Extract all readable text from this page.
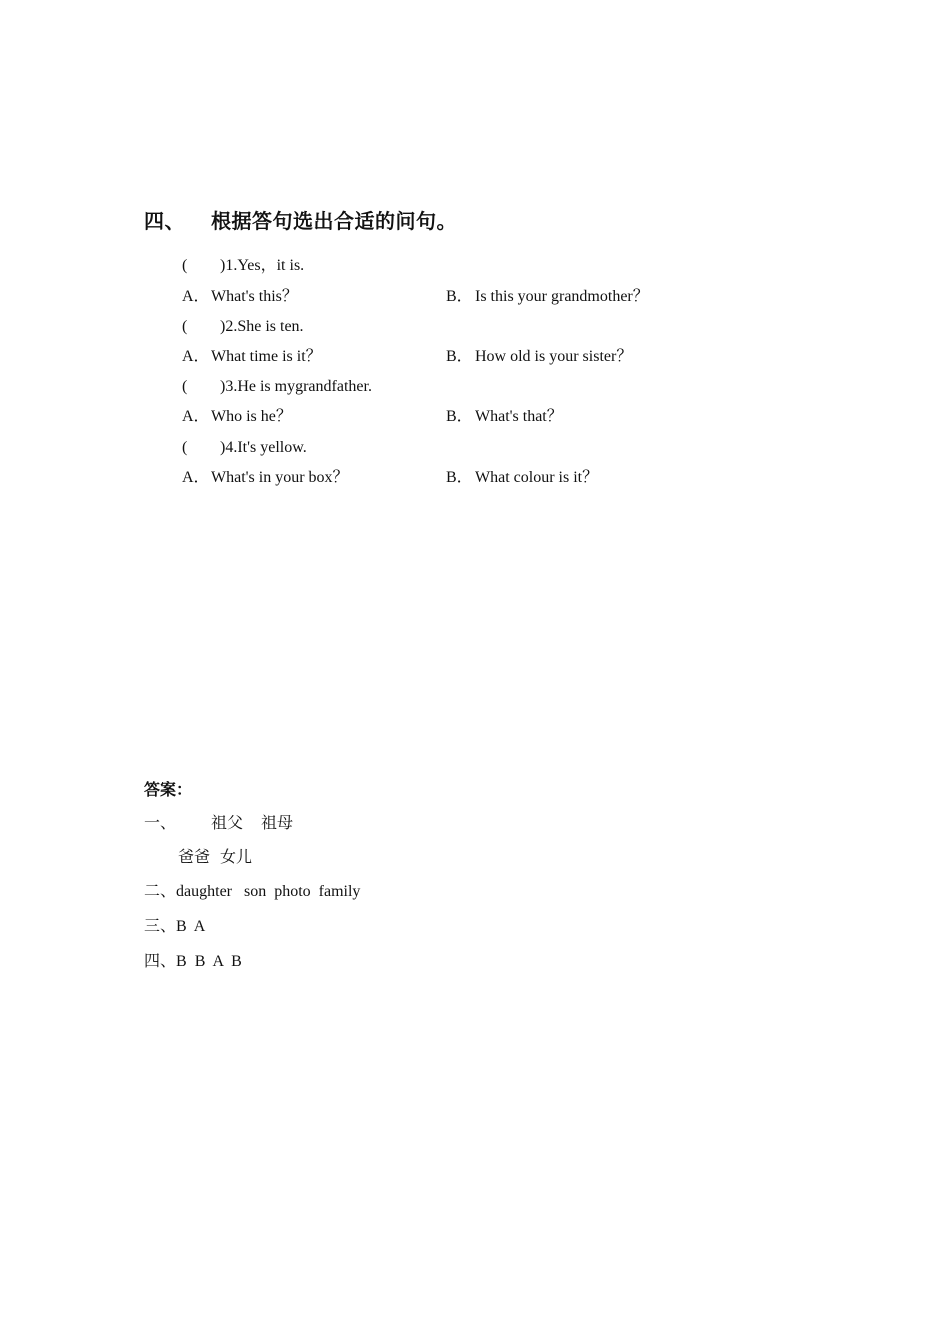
四、 根据答句选出合适的问句。
( )1.Yes，it is.
A．What's this？	B． Is this your grandmother？
( )2.She is ten.
A．What time is it？	B． How old is your sister？
( )3.He is mygrandfather.
A．Who is he？	B． What's that？
( )4.It's yellow.
A．What's in your box？	B． What colour is it？
答案：
一、 祖父 祖母
爸爸 女儿
二、daughter   son  photo  family
三、B  A
四、B  B  A  B
